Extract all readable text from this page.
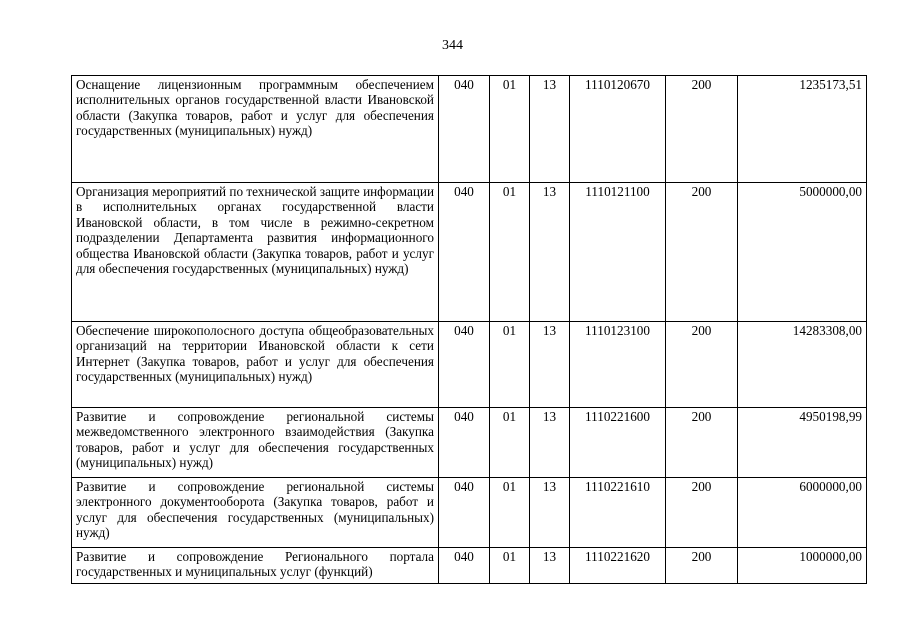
344
Оснащение лицензионным программным обеспечением исполнительных органов государственной власти Ивановской области (Закупка товаров, работ и услуг для обеспечения государственных (муниципальных) нужд)	040	01	13	1110120670	200	1235173,51
Организация мероприятий по технической защите информации в исполнительных органах государственной власти Ивановской области, в том числе в режимно-секретном подразделении Департамента развития информационного общества Ивановской области (Закупка товаров, работ и услуг для обеспечения государственных (муниципальных) нужд)	040	01	13	1110121100	200	5000000,00
Обеспечение широкополосного доступа общеобразовательных организаций на территории Ивановской области к сети Интернет (Закупка товаров, работ и услуг для обеспечения государственных (муниципальных) нужд)	040	01	13	1110123100	200	14283308,00
Развитие и сопровождение региональной системы межведомственного электронного взаимодействия (Закупка товаров, работ и услуг для обеспечения государственных (муниципальных) нужд)	040	01	13	1110221600	200	4950198,99
Развитие и сопровождение региональной системы электронного документооборота (Закупка товаров, работ и услуг для обеспечения государственных (муниципальных) нужд)	040	01	13	1110221610	200	6000000,00
Развитие и сопровождение Регионального портала государственных и муниципальных услуг (функций)	040	01	13	1110221620	200	1000000,00
